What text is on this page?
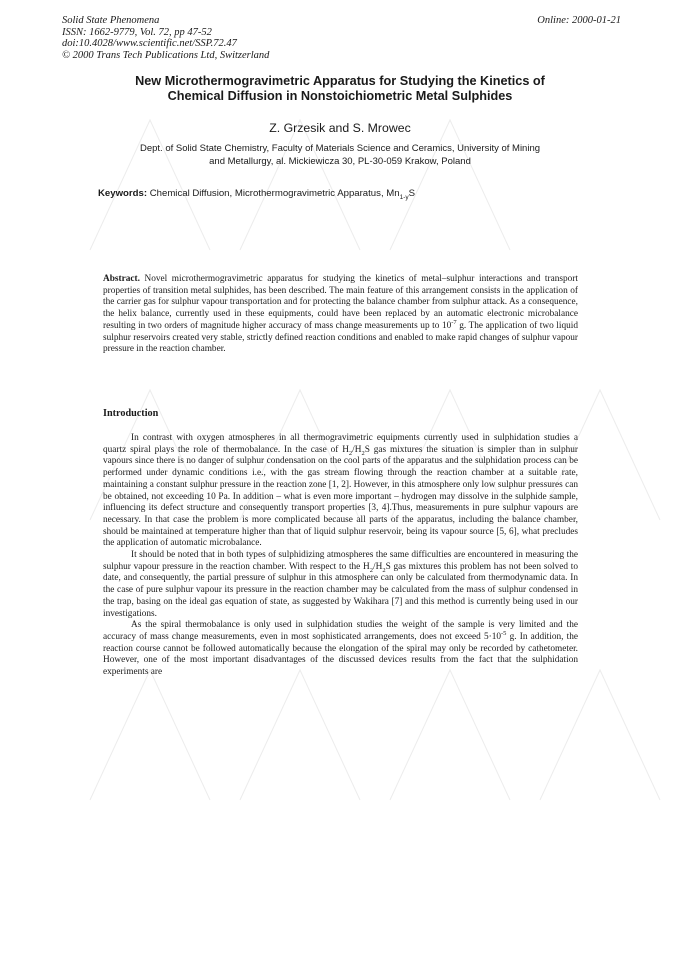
Solid State Phenomena
ISSN: 1662-9779, Vol. 72, pp 47-52
doi:10.4028/www.scientific.net/SSP.72.47
© 2000 Trans Tech Publications Ltd, Switzerland
Online: 2000-01-21
New Microthermogravimetric Apparatus for Studying the Kinetics of
Chemical Diffusion in Nonstoichiometric Metal Sulphides
Z. Grzesik and S. Mrowec
Dept. of Solid State Chemistry, Faculty of Materials Science and Ceramics, University of Mining
and Metallurgy, al. Mickiewicza 30, PL-30-059 Krakow, Poland
Keywords: Chemical Diffusion, Microthermogravimetric Apparatus, $Mn_{1-y}S$
Abstract. Novel microthermogravimetric apparatus for studying the kinetics of metal–sulphur interactions and transport properties of transition metal sulphides, has been described. The main feature of this arrangement consists in the application of the carrier gas for sulphur vapour transportation and for protecting the balance chamber from sulphur attack. As a consequence, the helix balance, currently used in these equipments, could have been replaced by an automatic electronic microbalance resulting in two orders of magnitude higher accuracy of mass change measurements up to $10^{-7}$ g. The application of two liquid sulphur reservoirs created very stable, strictly defined reaction conditions and enabled to make rapid changes of sulphur vapour pressure in the reaction chamber.
Introduction

In contrast with oxygen atmospheres in all thermogravimetric equipments currently used in sulphidation studies a quartz spiral plays the role of thermobalance. In the case of $H_2/H_2S$ gas mixtures the situation is simpler than in sulphur vapours since there is no danger of sulphur condensation on the cool parts of the apparatus and the sulphidation process can be performed under dynamic conditions i.e., with the gas stream flowing through the reaction chamber at a suitable rate, maintaining a constant sulphur pressure in the reaction zone [1, 2]. However, in this atmosphere only low sulphur pressures can be obtained, not exceeding 10 Pa. In addition – what is even more important – hydrogen may dissolve in the sulphide sample, influencing its defect structure and consequently transport properties [3, 4].Thus, measurements in pure sulphur vapours are necessary. In that case the problem is more complicated because all parts of the apparatus, including the balance chamber, should be maintained at temperature higher than that of liquid sulphur reservoir, being its vapour source [5, 6], what precludes the application of automatic microbalance.

It should be noted that in both types of sulphidizing atmospheres the same difficulties are encountered in measuring the sulphur vapour pressure in the reaction chamber. With respect to the $H_2/H_2S$ gas mixtures this problem has not been solved to date, and consequently, the partial pressure of sulphur in this atmosphere can only be calculated from thermodynamic data. In the case of pure sulphur vapour its pressure in the reaction chamber may be calculated from the mass of sulphur condensed in the trap, basing on the ideal gas equation of state, as suggested by Wakihara [7] and this method is currently being used in our investigations.

As the spiral thermobalance is only used in sulphidation studies the weight of the sample is very limited and the accuracy of mass change measurements, even in most sophisticated arrangements, does not exceed $5\cdot 10^{-5}$ g. In addition, the reaction course cannot be followed automatically because the elongation of the spiral may only be recorded by cathetometer. However, one of the most important disadvantages of the discussed devices results from the fact that the sulphidation experiments are
